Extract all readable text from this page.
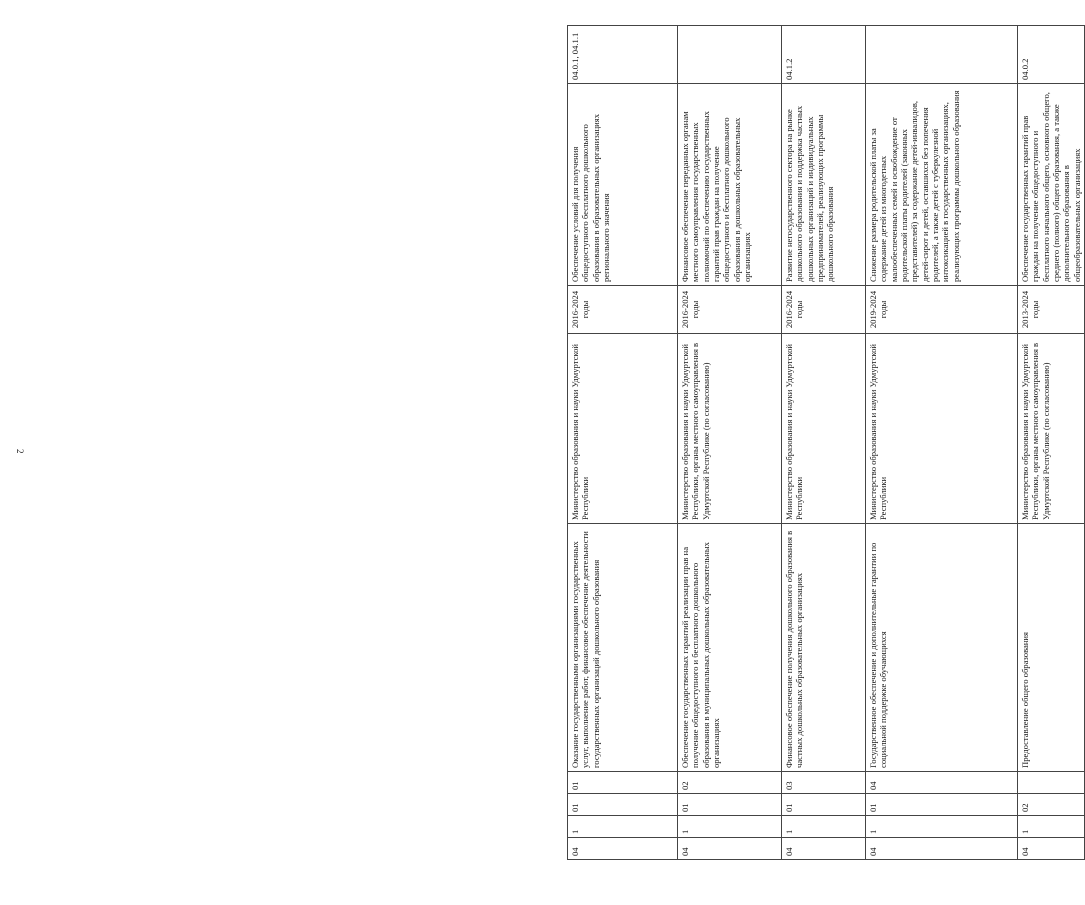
2
04	1	01	01	Оказание государственными организациями государственных услуг, выполнение работ, финансовое обеспечение деятельности государственных организаций дошкольного образования	Министерство образования и науки Удмуртской Республики	2016-2024 годы	Обеспечение условий для получения общедоступного бесплатного дошкольного образования в образовательных организациях регионального значения	04.0.1, 04.1.1
04	1	01	02	Обеспечение государственных гарантий реализации прав на получение общедоступного и бесплатного дошкольного образования в муниципальных дошкольных образовательных организациях	Министерство образования и науки Удмуртской Республики, органы местного самоуправления в Удмуртской Республике (по согласованию)	2016-2024 годы	Финансовое обеспечение переданных органам местного самоуправления государственных полномочий по обеспечению государственных гарантий прав граждан на получение общедоступного и бесплатного дошкольного образования в дошкольных образовательных организациях	
04	1	01	03	Финансовое обеспечение получения дошкольного образования в частных дошкольных образовательных организациях	Министерство образования и науки Удмуртской Республики	2016-2024 годы	Развитие негосударственного сектора на рынке дошкольного образования и поддержка частных дошкольных организаций и индивидуальных предпринимателей, реализующих программы дошкольного образования	04.1.2
04	1	01	04	Государственное обеспечение и дополнительные гарантии по социальной поддержке обучающихся	Министерство образования и науки Удмуртской Республики	2019-2024 годы	Снижение размера родительской платы за содержание детей из многодетных малообеспеченных семей и освобождение от родительской платы родителей (законных представителей) за содержание детей-инвалидов, детей-сирот и детей, оставшихся без попечения родителей, а также детей с туберкулезной интоксикацией в государственных организациях, реализующих программы дошкольного образования	
04	1	02		Предоставление общего образования	Министерство образования и науки Удмуртской Республики, органы местного самоуправления в Удмуртской Республике (по согласованию)	2013-2024 годы	Обеспечение государственных гарантий прав граждан на получение общедоступного и бесплатного начального общего, основного общего, среднего (полного) общего образования, а также дополнительного образования в общеобразовательных организациях	04.0.2
